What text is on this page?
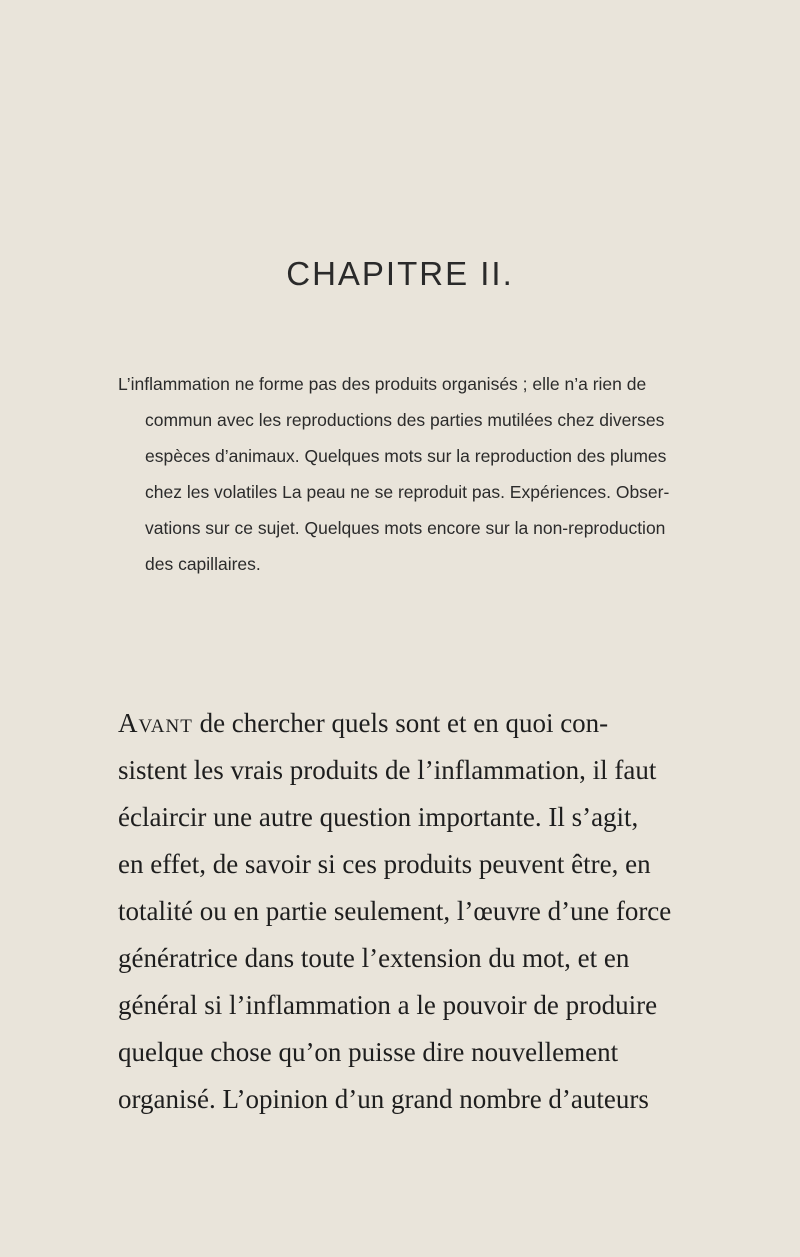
CHAPITRE II.
L’inflammation ne forme pas des produits organisés ; elle n’a rien de
commun avec les reproductions des parties mutilées chez diverses
espèces d’animaux. Quelques mots sur la reproduction des plumes
chez les volatiles La peau ne se reproduit pas. Expériences. Obser-
vations sur ce sujet. Quelques mots encore sur la non-reproduction
des capillaires.
Avant de chercher quels sont et en quoi con-
sistent les vrais produits de l’inflammation, il faut
éclaircir une autre question importante. Il s’agit,
en effet, de savoir si ces produits peuvent être, en
totalité ou en partie seulement, l’œuvre d’une force
génératrice dans toute l’extension du mot, et en
général si l’inflammation a le pouvoir de produire
quelque chose qu’on puisse dire nouvellement
organisé. L’opinion d’un grand nombre d’auteurs
